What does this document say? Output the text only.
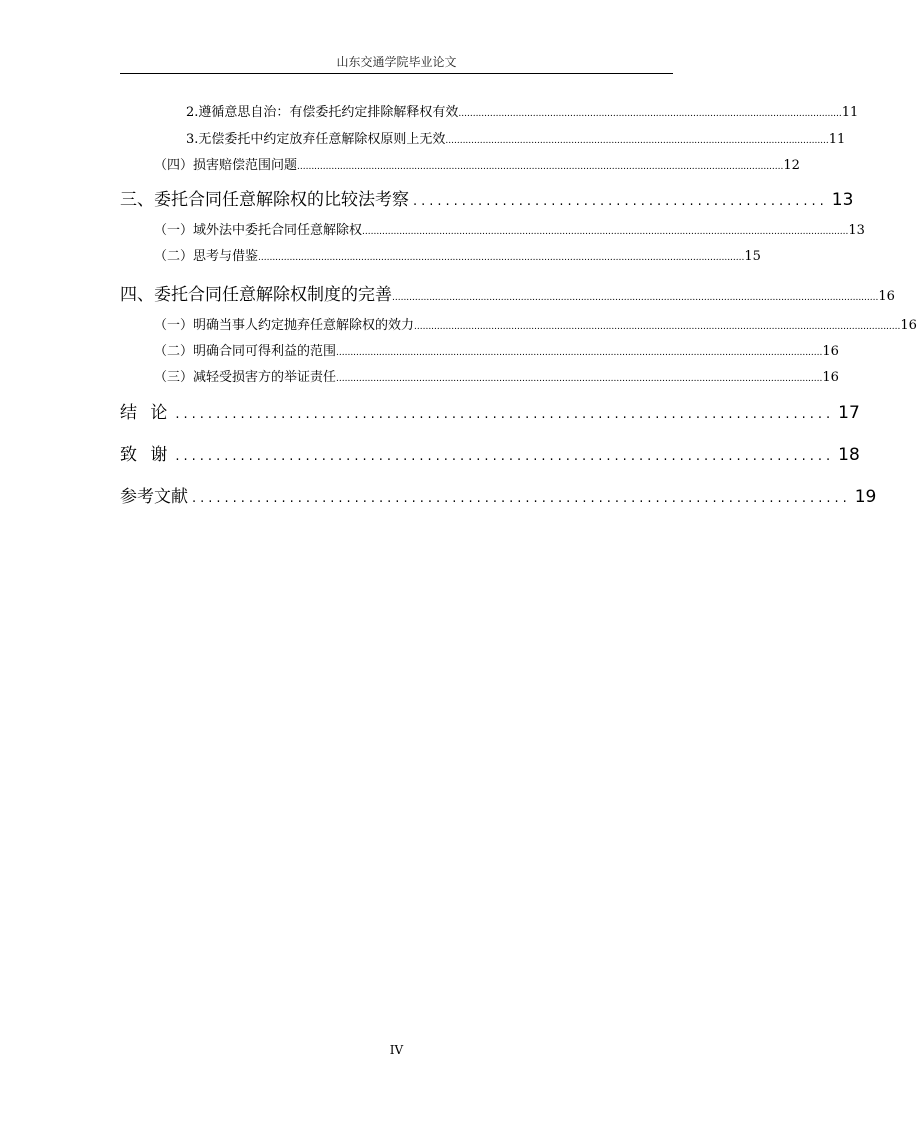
山东交通学院毕业论文
2.遵循意思自治：有偿委托约定排除解释权有效 ...................................................................................................................................... 11
3.无偿委托中约定放弃任意解除权原则上无效 ...................................................................................................................................... 11
（四）损害赔偿范围问题 .......................................................................................................................................................................... 12
三、委托合同任意解除权的比较法考察 ................................................... 13
（一）域外法中委托合同任意解除权 .......................................................................................................................................................................... 13
（二）思考与借鉴 .......................................................................................................................................................................... 15
四、委托合同任意解除权制度的完善 .......................................................................................................................................................................... 16
（一）明确当事人约定抛弃任意解除权的效力 .......................................................................................................................................................................... 16
（二）明确合同可得利益的范围 .......................................................................................................................................................................... 16
（三）减轻受损害方的举证责任 .......................................................................................................................................................................... 16
结 论 ................................................................................. 17
致 谢 ................................................................................. 18
参考文献 ................................................................................. 19
IV
